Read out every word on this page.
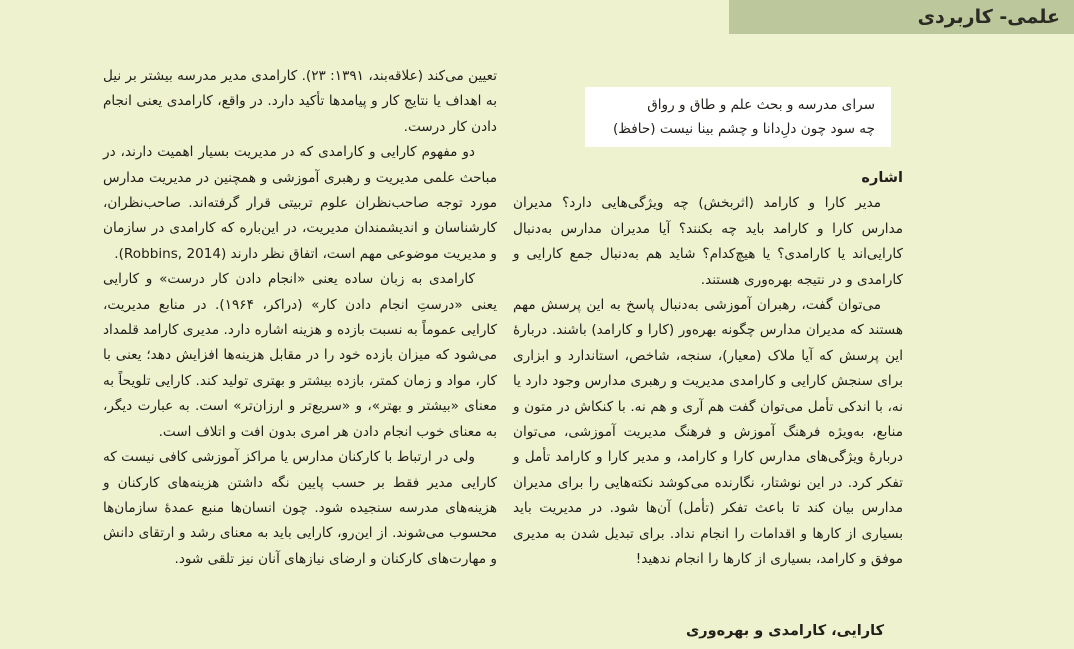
علمی- کاربردی
سرای مدرسه و بحث علم و طاق و رواق
چه سود چون دلِ‌دانا و چشم بینا نیست (حافظ)

اشاره

مدیر کارا و کارامد (اثربخش) چه ویژگی‌هایی دارد؟ مدیران مدارس کارا و کارامد باید چه بکنند؟ آیا مدیران مدارس به‌دنبال کارایی‌اند یا کارامدی؟ یا هیچ‌کدام؟ شاید هم به‌دنبال جمع کارایی و کارامدی و در نتیجه بهره‌وری هستند.

می‌توان گفت، رهبران آموزشی به‌دنبال پاسخ به این پرسش مهم هستند که مدیران مدارس چگونه بهره‌ور (کارا و کارامد) باشند. دربارهٔ این پرسش که آیا ملاک (معیار)، سنجه، شاخص، استاندارد و ابزاری برای سنجش کارایی و کارامدی مدیریت و رهبری مدارس وجود دارد یا نه، با اندکی تأمل می‌توان گفت هم آری و هم نه. با کنکاش در متون و منابع، به‌ویژه فرهنگ آموزش و فرهنگ مدیریت آموزشی، می‌توان دربارهٔ ویژگی‌های مدارس کارا و کارامد، و مدیر کارا و کارامد تأمل و تفکر کرد. در این نوشتار، نگارنده می‌کوشد نکته‌هایی را برای مدیران مدارس بیان کند تا باعث تفکر (تأمل) آن‌ها شود. در مدیریت باید بسیاری از کارها و اقدامات را انجام نداد. برای تبدیل شدن به مدیری موفق و کارامد، بسیاری از کارها را انجام ندهید!

کارایی، کارامدی و بهره‌وری

تعیین می‌کند (علاقه‌بند، ۱۳۹۱: ۲۳). کارامدی مدیر مدرسه بیشتر بر نیل به اهداف یا نتایج کار و پیامدها تأکید دارد. در واقع، کارامدی یعنی انجام دادن کار درست.

دو مفهوم کارایی و کارامدی که در مدیریت بسیار اهمیت دارند، در مباحث علمی مدیریت و رهبری آموزشی و همچنین در مدیریت مدارس مورد توجه صاحب‌نظران علوم تربیتی قرار گرفته‌اند. صاحب‌نظران، کارشناسان و اندیشمندان مدیریت، در این‌باره که کارامدی در سازمان و مدیریت موضوعی مهم است، اتفاق نظر دارند (Robbins, 2014).

کارامدی به زبان ساده یعنی «انجام دادن کار درست» و کارایی یعنی «درستِ انجام دادن کار» (دراکر، ۱۹۶۴). در منابع مدیریت، کارایی عموماً به نسبت بازده و هزینه اشاره دارد. مدیری کارامد قلمداد می‌شود که میزان بازده خود را در مقابل هزینه‌ها افزایش دهد؛ یعنی با کار، مواد و زمان کمتر، بازده بیشتر و بهتری تولید کند. کارایی تلویحاً به معنای «بیشتر و بهتر»، و «سریع‌تر و ارزان‌تر» است. به عبارت دیگر، به معنای خوب انجام دادن هر امری بدون افت و اتلاف است.

ولی در ارتباط با کارکنان مدارس یا مراکز آموزشی کافی نیست که کارایی مدیر فقط بر حسب پایین نگه داشتن هزینه‌های کارکنان و هزینه‌های مدرسه سنجیده شود. چون انسان‌ها منبع عمدهٔ سازمان‌ها محسوب می‌شوند. از این‌رو، کارایی باید به معنای رشد و ارتقای دانش و مهارت‌های کارکنان و ارضای نیازهای آنان نیز تلقی شود.
